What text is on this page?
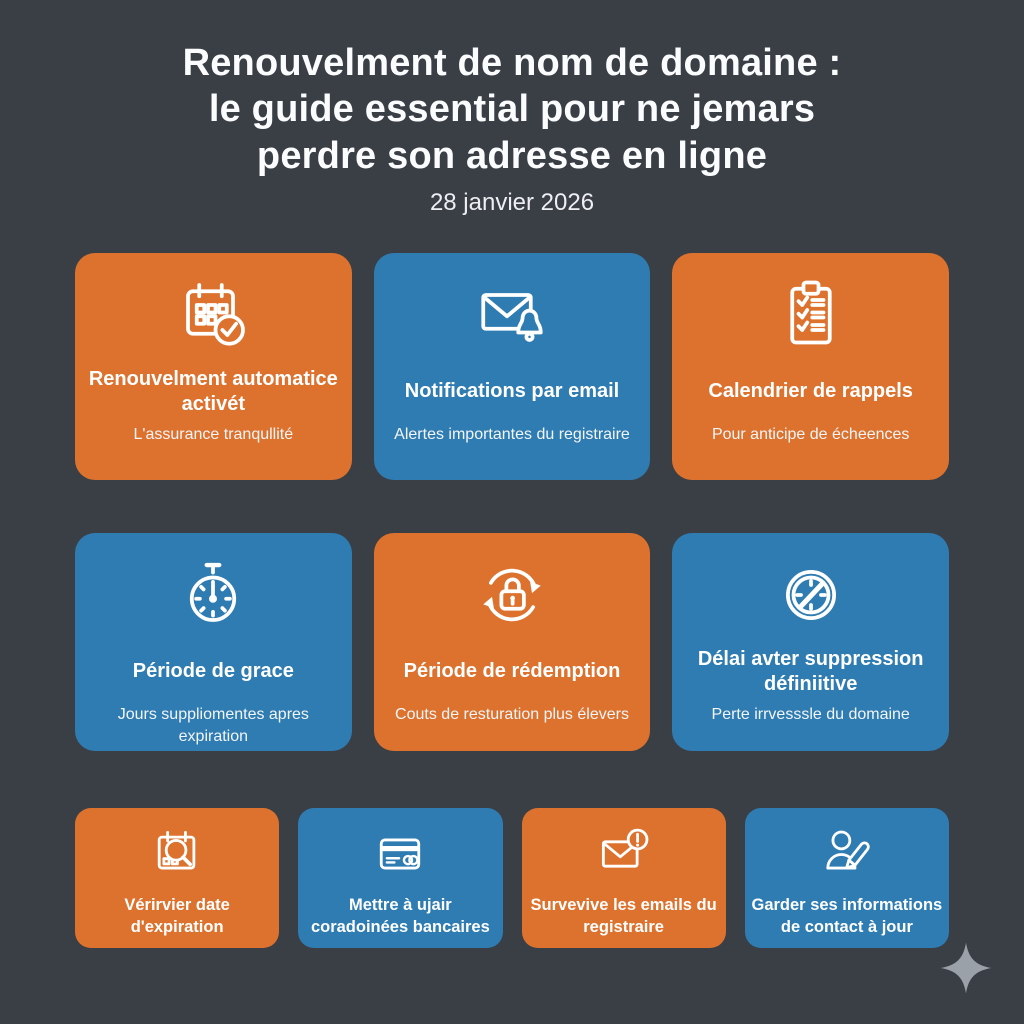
Renouvelment de nom de domaine :
le guide essential pour ne jemars
perdre son adresse en ligne
28 janvier 2026
Renouvelment automatice activét
L'assurance tranqullité
Notifications par email
Alertes importantes du registraire
Calendrier de rappels
Pour anticipe de écheences
Période de grace
Jours suppliomentes apres expiration
Période de rédemption
Couts de resturation plus élevers
Délai avter suppression définiitive
Perte irrvesssle du domaine
Vérirvier date d'expiration
Mettre à ujair coradoinées bancaires
Survevive les emails du registraire
Garder ses informations de contact à jour
